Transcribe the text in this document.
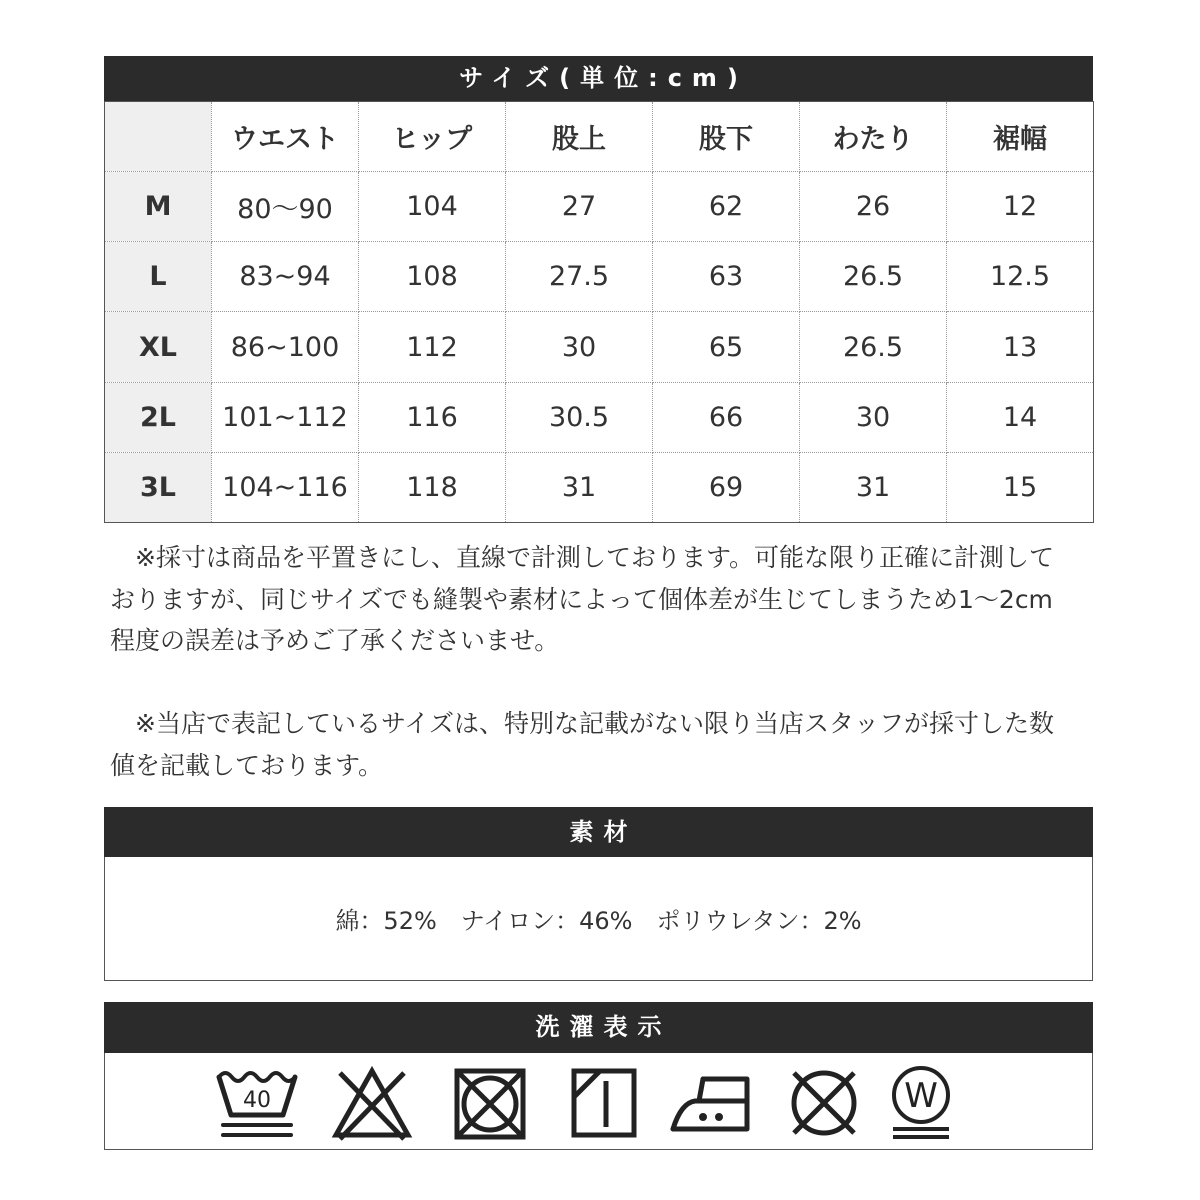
サイズ(単位:cm)
	ウエスト	ヒップ	股上	股下	わたり	裾幅
M	80〜90	104	27	62	26	12
L	83~94	108	27.5	63	26.5	12.5
XL	86~100	112	30	65	26.5	13
2L	101~112	116	30.5	66	30	14
3L	104~116	118	31	69	31	15
　※採寸は商品を平置きにし、直線で計測しております。可能な限り正確に計測して
おりますが、同じサイズでも縫製や素材によって個体差が生じてしまうため1～2cm
程度の誤差は予めご了承くださいませ。
　※当店で表記しているサイズは、特別な記載がない限り当店スタッフが採寸した数
値を記載しております。
素材
綿：52%　ナイロン：46%　ポリウレタン：2%
洗濯表示
40	W
